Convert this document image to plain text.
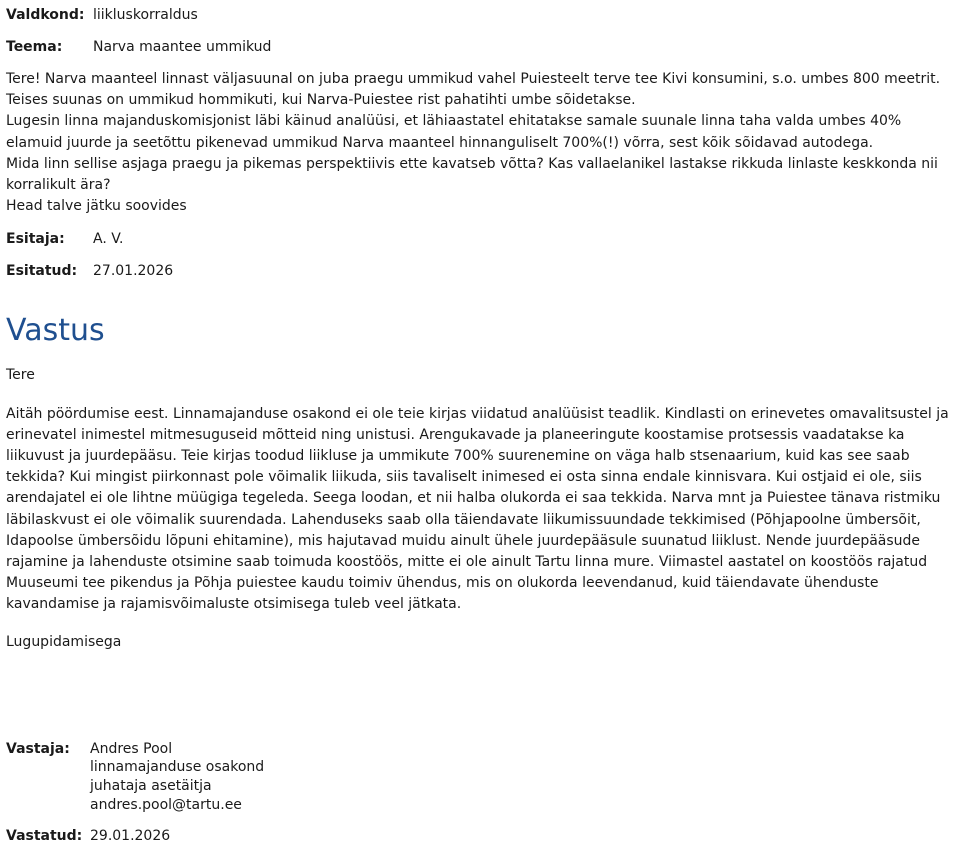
Valdkond: liikluskorraldus
Teema:	Narva maantee ummikud

Tere! Narva maanteel linnast väljasuunal on juba praegu ummikud vahel Puiesteelt terve tee Kivi konsumini, s.o. umbes 800 meetrit. Teises suunas on ummikud hommikuti, kui Narva-Puiestee rist pahatihti umbe sõidetakse.

Lugesin linna majanduskomisjonist läbi käinud analüüsi, et lähiaastatel ehitatakse samale suunale linna taha valda umbes 40% elamuid juurde ja seetõttu pikenevad ummikud Narva maanteel hinnanguliselt 700%(!) võrra, sest kõik sõidavad autodega.

Mida linn sellise asjaga praegu ja pikemas perspektiivis ette kavatseb võtta? Kas vallaelanikel lastakse rikkuda linlaste keskkonda nii korralikult ära?

Head talve jätku soovides

Esitaja:	A. V.
Esitatud:	27.01.2026
Vastus

Tere

Aitäh pöördumise eest. Linnamajanduse osakond ei ole teie kirjas viidatud analüüsist teadlik. Kindlasti on erinevetes omavalitsustel ja erinevatel inimestel mitmesuguseid mõtteid ning unistusi. Arengukavade ja planeeringute koostamise protsessis vaadatakse ka liikuvust ja juurdepääsu. Teie kirjas toodud liikluse ja ummikute 700% suurenemine on väga halb stsenaarium, kuid kas see saab tekkida? Kui mingist piirkonnast pole võimalik liikuda, siis tavaliselt inimesed ei osta sinna endale kinnisvara. Kui ostjaid ei ole, siis arendajatel ei ole lihtne müügiga tegeleda. Seega loodan, et nii halba olukorda ei saa tekkida. Narva mnt ja Puiestee tänava ristmiku läbilaskvust ei ole võimalik suurendada. Lahenduseks saab olla täiendavate liikumissuundade tekkimised (Põhjapoolne ümbersõit, Idapoolse ümbersõidu lõpuni ehitamine), mis hajutavad muidu ainult ühele juurdepääsule suunatud liiklust. Nende juurdepääsude rajamine ja lahenduste otsimine saab toimuda koostöös, mitte ei ole ainult Tartu linna mure. Viimastel aastatel on koostöös rajatud Muuseumi tee pikendus ja Põhja puiestee kaudu toimiv ühendus, mis on olukorda leevendanud, kuid täiendavate ühenduste kavandamise ja rajamisvõimaluste otsimisega tuleb veel jätkata.

Lugupidamisega

Vastaja:	Andres Pool
linnamajanduse osakond
juhataja asetäitja
andres.pool@tartu.ee
Vastatud: 29.01.2026
